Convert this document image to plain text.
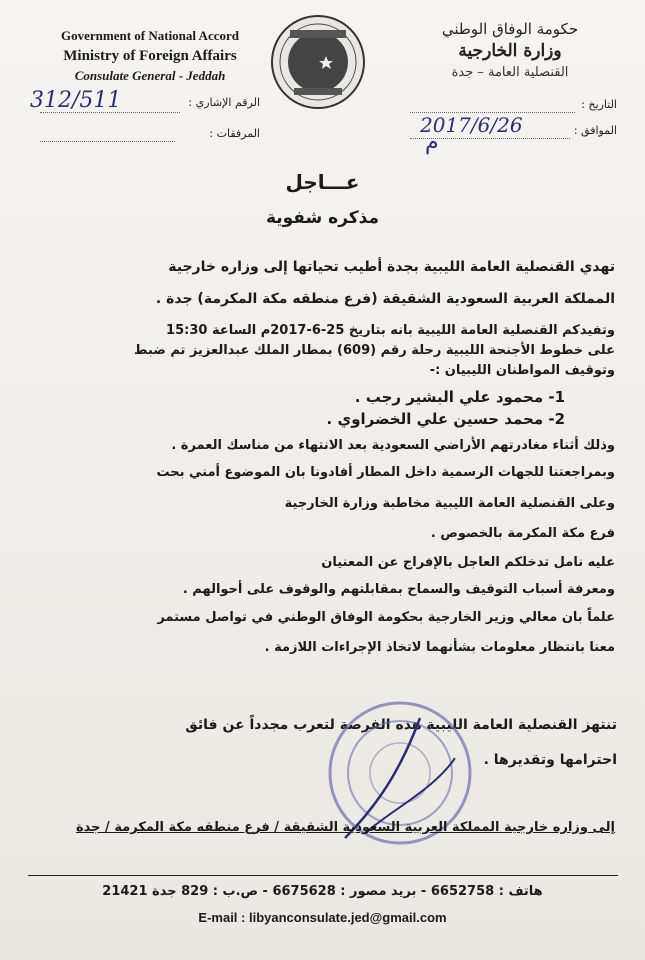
Government of National Accord
Ministry of Foreign Affairs
Consulate General - Jeddah
حكومة الوفاق الوطني
وزارة الخارجية
القنصلية العامة – جدة
الرقم الإشاري :
312/511
المرفقات :
التاريخ :
الموافق :
2017/6/26
م
عـــاجل
مذكره شفوية
تهدي القنصلية العامة الليبية بجدة أطيب تحياتها إلى وزاره خارجية
المملكة العربية السعودية الشقيقة (فرع منطقه مكة المكرمة) جدة .
وتفيدكم القنصلية العامة الليبية بانه بتاريخ 25-6-2017م الساعة 15:30
على خطوط الأجنحة الليبية رحلة رقم (609) بمطار الملك عبدالعزيز تم ضبط
وتوقيف المواطنان الليبيان :-
1- محمود علي البشير رجب .
2- محمد حسين علي الخضراوي .
وذلك أثناء مغادرتهم الأراضي السعودية بعد الانتهاء من مناسك العمرة .
وبمراجعتنا للجهات الرسمية داخل المطار أفادونا بان الموضوع أمني بحت
وعلى القنصلية العامة الليبية مخاطبة وزارة الخارجية
فرع مكة المكرمة بالخصوص .
عليه نامل تدخلكم العاجل بالإفراج عن المعنيان
ومعرفة أسباب التوقيف والسماح بمقابلتهم والوقوف على أحوالهم .
علماً بان معالي وزير الخارجية بحكومة الوفاق الوطني في تواصل مستمر
معنا بانتظار معلومات بشأنهما لاتخاذ الإجراءات اللازمة .
تنتهز القنصلية العامة الليبية هذه الفرصة لتعرب مجدداً عن فائق
احترامها وتقديرها .
إلى وزاره خارجية المملكة العربية السعودية الشقيقة / فرع منطقه مكة المكرمة / جدة
هاتف : 6652758 - بريد مصور : 6675628 - ص.ب : 829 جدة 21421
E-mail : libyanconsulate.jed@gmail.com
